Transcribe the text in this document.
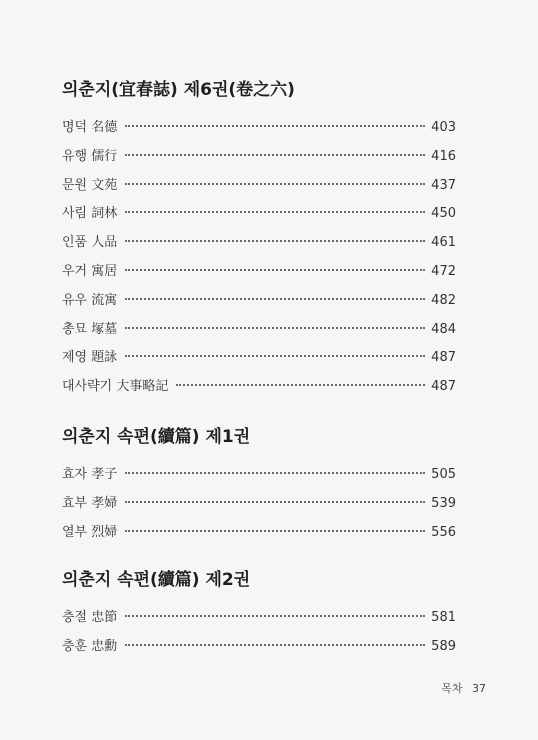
의춘지(宜春誌) 제6권(卷之六)
명덕 名德	403
유행 儒行	416
문원 文苑	437
사림 詞林	450
인품 人品	461
우거 寓居	472
유우 流寓	482
총묘 塚墓	484
제영 題詠	487
대사략기 大事略記	487
의춘지 속편(續篇) 제1권
효자 孝子	505
효부 孝婦	539
열부 烈婦	556
의춘지 속편(續篇) 제2권
충절 忠節	581
충훈 忠勳	589
목차 37
